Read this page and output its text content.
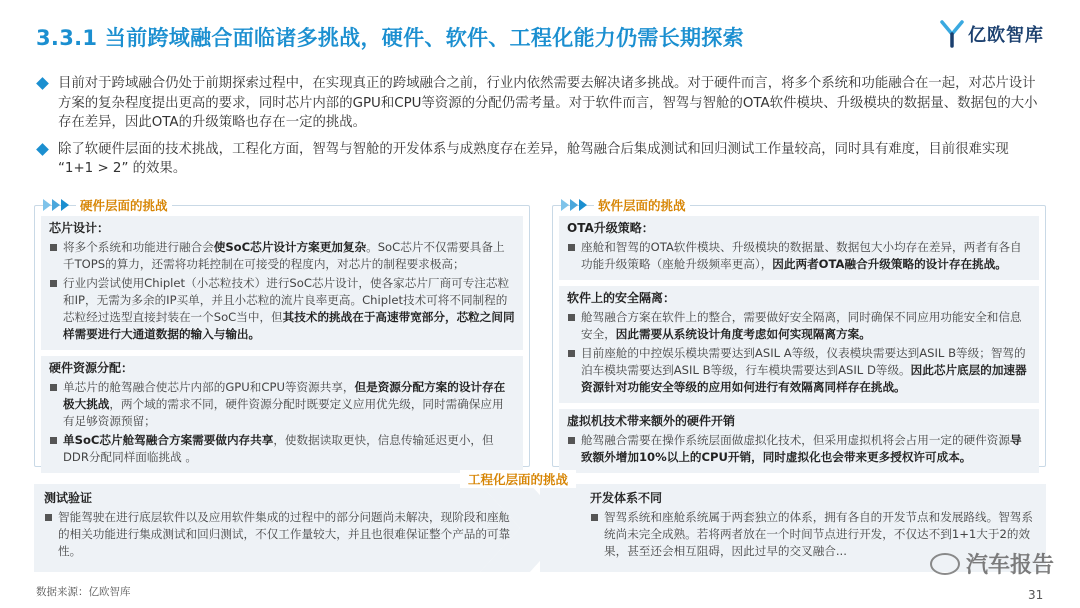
3.3.1 当前跨域融合面临诸多挑战，硬件、软件、工程化能力仍需长期探索	亿欧智库
目前对于跨域融合仍处于前期探索过程中，在实现真正的跨域融合之前，行业内依然需要去解决诸多挑战。对于硬件而言，将多个系统和功能融合在一起，对芯片设计方案的复杂程度提出更高的要求，同时芯片内部的GPU和CPU等资源的分配仍需考量。对于软件而言，智驾与智舱的OTA软件模块、升级模块的数据量、数据包的大小存在差异，因此OTA的升级策略也存在一定的挑战。
除了软硬件层面的技术挑战，工程化方面，智驾与智舱的开发体系与成熟度存在差异，舱驾融合后集成测试和回归测试工作量较高，同时具有难度，目前很难实现 “1+1 > 2” 的效果。
硬件层面的挑战
芯片设计：
将多个系统和功能进行融合会使SoC芯片设计方案更加复杂。SoC芯片不仅需要具备上千TOPS的算力，还需将功耗控制在可接受的程度内，对芯片的制程要求极高；
行业内尝试使用Chiplet（小芯粒技术）进行SoC芯片设计，使各家芯片厂商可专注芯粒和IP，无需为多余的IP买单，并且小芯粒的流片良率更高。Chiplet技术可将不同制程的芯粒经过选型直接封装在一个SoC当中，但其技术的挑战在于高速带宽部分，芯粒之间同样需要进行大通道数据的输入与输出。
硬件资源分配：
单芯片的舱驾融合使芯片内部的GPU和CPU等资源共享，但是资源分配方案的设计存在极大挑战，两个域的需求不同，硬件资源分配时既要定义应用优先级，同时需确保应用有足够资源预留；
单SoC芯片舱驾融合方案需要做内存共享，使数据读取更快，信息传输延迟更小，但DDR分配同样面临挑战 。
软件层面的挑战
OTA升级策略：
座舱和智驾的OTA软件模块、升级模块的数据量、数据包大小均存在差异，两者有各自功能升级策略（座舱升级频率更高），因此两者OTA融合升级策略的设计存在挑战。
软件上的安全隔离：
舱驾融合方案在软件上的整合，需要做好安全隔离，同时确保不同应用功能安全和信息安全，因此需要从系统设计角度考虑如何实现隔离方案。
目前座舱的中控娱乐模块需要达到ASIL A等级，仪表模块需要达到ASIL B等级；智驾的泊车模块需要达到ASIL B等级，行车模块需要达到ASIL D等级。因此芯片底层的加速器资源针对功能安全等级的应用如何进行有效隔离同样存在挑战。
虚拟机技术带来额外的硬件开销
舱驾融合需要在操作系统层面做虚拟化技术，但采用虚拟机将会占用一定的硬件资源导致额外增加10%以上的CPU开销，同时虚拟化也会带来更多授权许可成本。
工程化层面的挑战
测试验证
智能驾驶在进行底层软件以及应用软件集成的过程中的部分问题尚未解决，现阶段和座舱的相关功能进行集成测试和回归测试，不仅工作量较大，并且也很难保证整个产品的可靠性。
开发体系不同
智驾系统和座舱系统属于两套独立的体系，拥有各自的开发节点和发展路线。智驾系统尚未完全成熟。若将两者放在一个时间节点进行开发，不仅达不到1+1大于2的效果，甚至还会相互阻碍，因此过早的交叉融合...
数据来源：亿欧智库
汽车报告
31
